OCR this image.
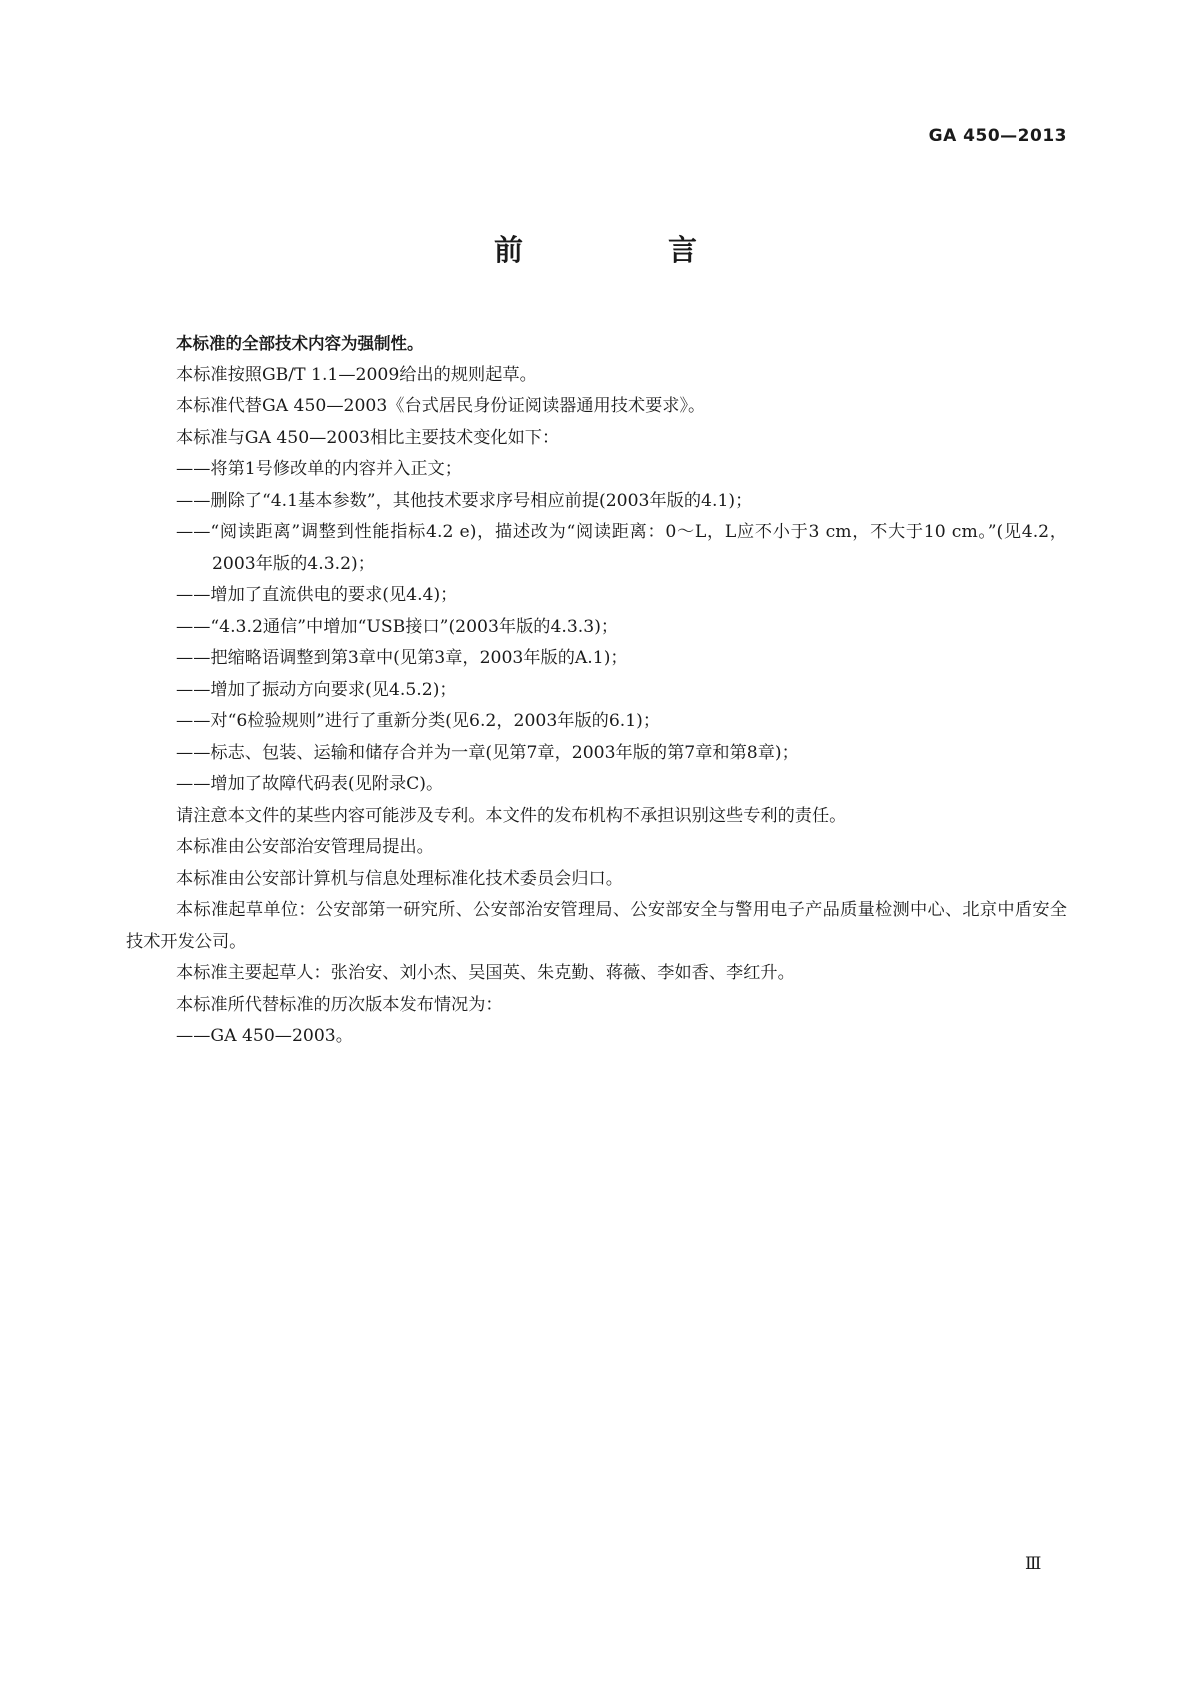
GA 450—2013
前　言

本标准的全部技术内容为强制性。

本标准按照GB/T 1.1—2009给出的规则起草。

本标准代替GA 450—2003《台式居民身份证阅读器通用技术要求》。

本标准与GA 450—2003相比主要技术变化如下：

——将第1号修改单的内容并入正文；

——删除了“4.1基本参数”，其他技术要求序号相应前提(2003年版的4.1)；

——“阅读距离”调整到性能指标4.2 e)，描述改为“阅读距离：0～L，L应不小于3 cm，不大于10 cm。”(见4.2，2003年版的4.3.2)；

——增加了直流供电的要求(见4.4)；

——“4.3.2通信”中增加“USB接口”(2003年版的4.3.3)；

——把缩略语调整到第3章中(见第3章，2003年版的A.1)；

——增加了振动方向要求(见4.5.2)；

——对“6检验规则”进行了重新分类(见6.2，2003年版的6.1)；

——标志、包装、运输和储存合并为一章(见第7章，2003年版的第7章和第8章)；

——增加了故障代码表(见附录C)。

请注意本文件的某些内容可能涉及专利。本文件的发布机构不承担识别这些专利的责任。

本标准由公安部治安管理局提出。

本标准由公安部计算机与信息处理标准化技术委员会归口。

本标准起草单位：公安部第一研究所、公安部治安管理局、公安部安全与警用电子产品质量检测中心、北京中盾安全技术开发公司。

本标准主要起草人：张治安、刘小杰、吴国英、朱克勤、蒋薇、李如香、李红升。

本标准所代替标准的历次版本发布情况为：

——GA 450—2003。

Ⅲ
